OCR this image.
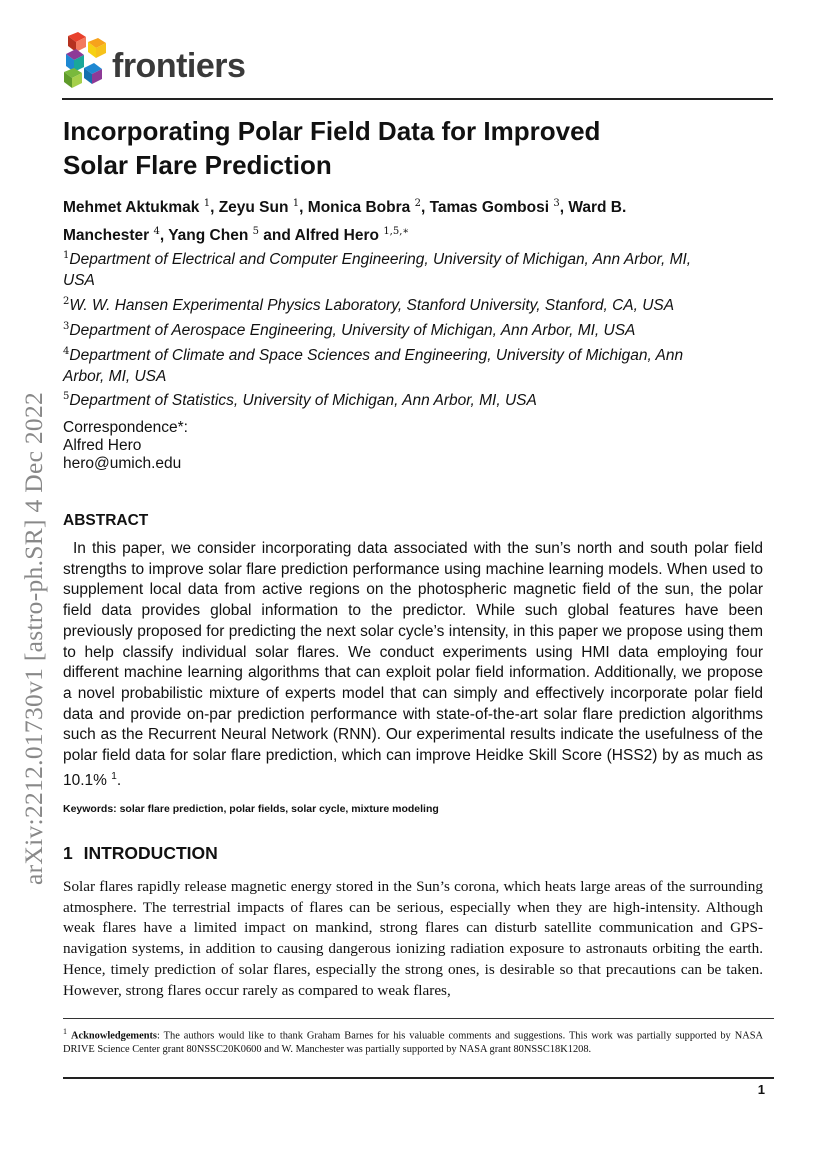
frontiers
Incorporating Polar Field Data for Improved
Solar Flare Prediction
Mehmet Aktukmak $^1$, Zeyu Sun $^1$, Monica Bobra $^2$, Tamas Gombosi $^3$, Ward B. Manchester $^4$, Yang Chen $^5$ and Alfred Hero $^{1,5,∗}$
$^1$Department of Electrical and Computer Engineering, University of Michigan, Ann Arbor, MI, USA
$^2$W. W. Hansen Experimental Physics Laboratory, Stanford University, Stanford, CA, USA
$^3$Department of Aerospace Engineering, University of Michigan, Ann Arbor, MI, USA
$^4$Department of Climate and Space Sciences and Engineering, University of Michigan, Ann Arbor, MI, USA
$^5$Department of Statistics, University of Michigan, Ann Arbor, MI, USA
Correspondence*:
Alfred Hero
hero@umich.edu
arXiv:2212.01730v1 [astro-ph.SR] 4 Dec 2022 ABSTRACT
In this paper, we consider incorporating data associated with the sun’s north and south polar field strengths to improve solar flare prediction performance using machine learning models. When used to supplement local data from active regions on the photospheric magnetic field of the sun, the polar field data provides global information to the predictor. While such global features have been previously proposed for predicting the next solar cycle’s intensity, in this paper we propose using them to help classify individual solar flares. We conduct experiments using HMI data employing four different machine learning algorithms that can exploit polar field information. Additionally, we propose a novel probabilistic mixture of experts model that can simply and effectively incorporate polar field data and provide on-par prediction performance with state-of-the-art solar flare prediction algorithms such as the Recurrent Neural Network (RNN). Our experimental results indicate the usefulness of the polar field data for solar flare prediction, which can improve Heidke Skill Score (HSS2) by as much as 10.1% $^1$.
Keywords: solar flare prediction, polar fields, solar cycle, mixture modeling
1 INTRODUCTION
Solar flares rapidly release magnetic energy stored in the Sun’s corona, which heats large areas of the surrounding atmosphere. The terrestrial impacts of flares can be serious, especially when they are high-intensity. Although weak flares have a limited impact on mankind, strong flares can disturb satellite communication and GPS-navigation systems, in addition to causing dangerous ionizing radiation exposure to astronauts orbiting the earth. Hence, timely prediction of solar flares, especially the strong ones, is desirable so that precautions can be taken. However, strong flares occur rarely as compared to weak flares,
$^1$ Acknowledgements: The authors would like to thank Graham Barnes for his valuable comments and suggestions. This work was partially supported by NASA DRIVE Science Center grant 80NSSC20K0600 and W. Manchester was partially supported by NASA grant 80NSSC18K1208.
1
